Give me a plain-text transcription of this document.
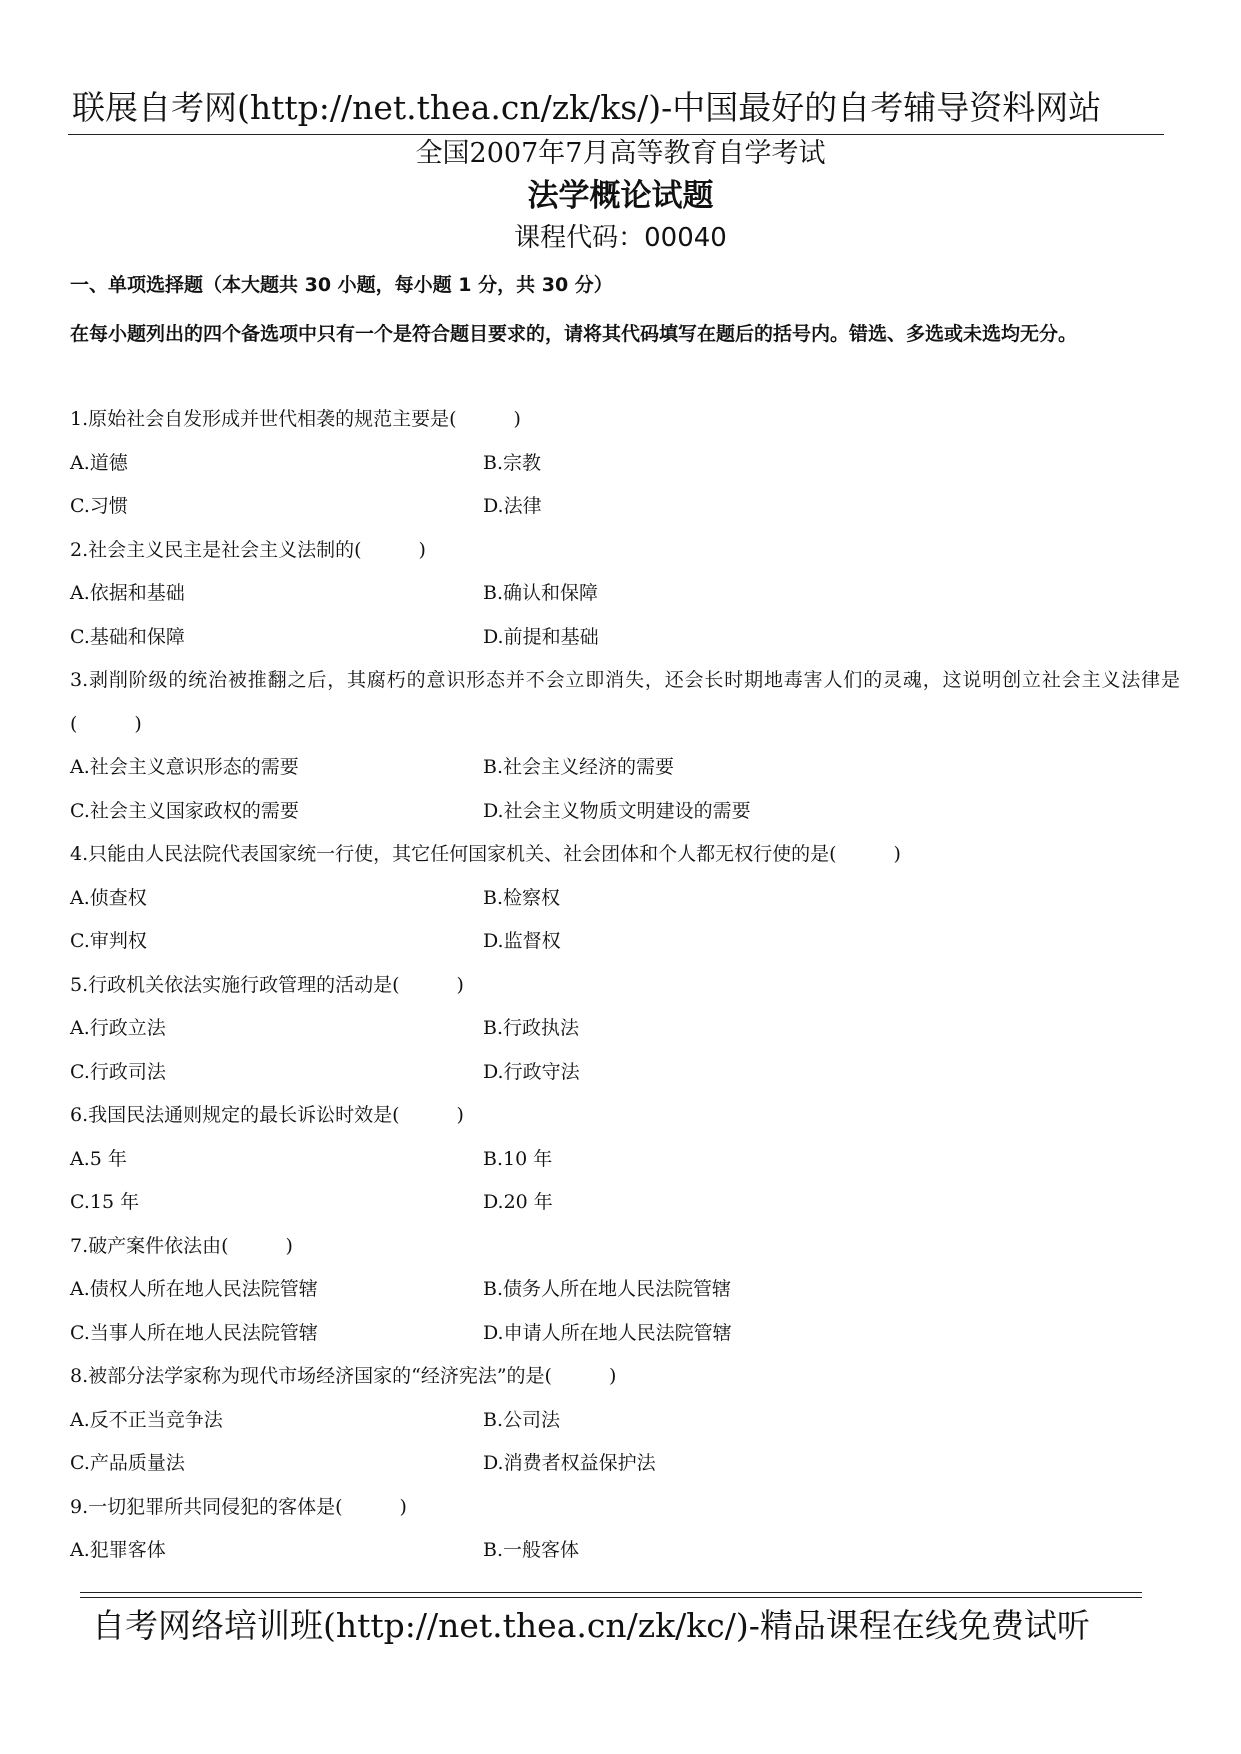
联展自考网(http://net.thea.cn/zk/ks/)-中国最好的自考辅导资料网站
全国2007年7月高等教育自学考试
法学概论试题
课程代码：00040
一、单项选择题（本大题共 30 小题，每小题 1 分，共 30 分）
在每小题列出的四个备选项中只有一个是符合题目要求的，请将其代码填写在题后的括号内。错选、多选或未选均无分。

1.原始社会自发形成并世代相袭的规范主要是(　　　)

A.道德	B.宗教
C.习惯	D.法律

2.社会主义民主是社会主义法制的(　　　)

A.依据和基础	B.确认和保障
C.基础和保障	D.前提和基础

3.剥削阶级的统治被推翻之后，其腐朽的意识形态并不会立即消失，还会长时期地毒害人们的灵魂，这说明创立社会主义法律是(　　　)

A.社会主义意识形态的需要	B.社会主义经济的需要
C.社会主义国家政权的需要	D.社会主义物质文明建设的需要

4.只能由人民法院代表国家统一行使，其它任何国家机关、社会团体和个人都无权行使的是(　　　)

A.侦查权	B.检察权
C.审判权	D.监督权

5.行政机关依法实施行政管理的活动是(　　　)

A.行政立法	B.行政执法
C.行政司法	D.行政守法

6.我国民法通则规定的最长诉讼时效是(　　　)

A.5 年	B.10 年
C.15 年	D.20 年

7.破产案件依法由(　　　)

A.债权人所在地人民法院管辖	B.债务人所在地人民法院管辖
C.当事人所在地人民法院管辖	D.申请人所在地人民法院管辖

8.被部分法学家称为现代市场经济国家的“经济宪法”的是(　　　)

A.反不正当竞争法	B.公司法
C.产品质量法	D.消费者权益保护法

9.一切犯罪所共同侵犯的客体是(　　　)

A.犯罪客体	B.一般客体
自考网络培训班(http://net.thea.cn/zk/kc/)-精品课程在线免费试听
